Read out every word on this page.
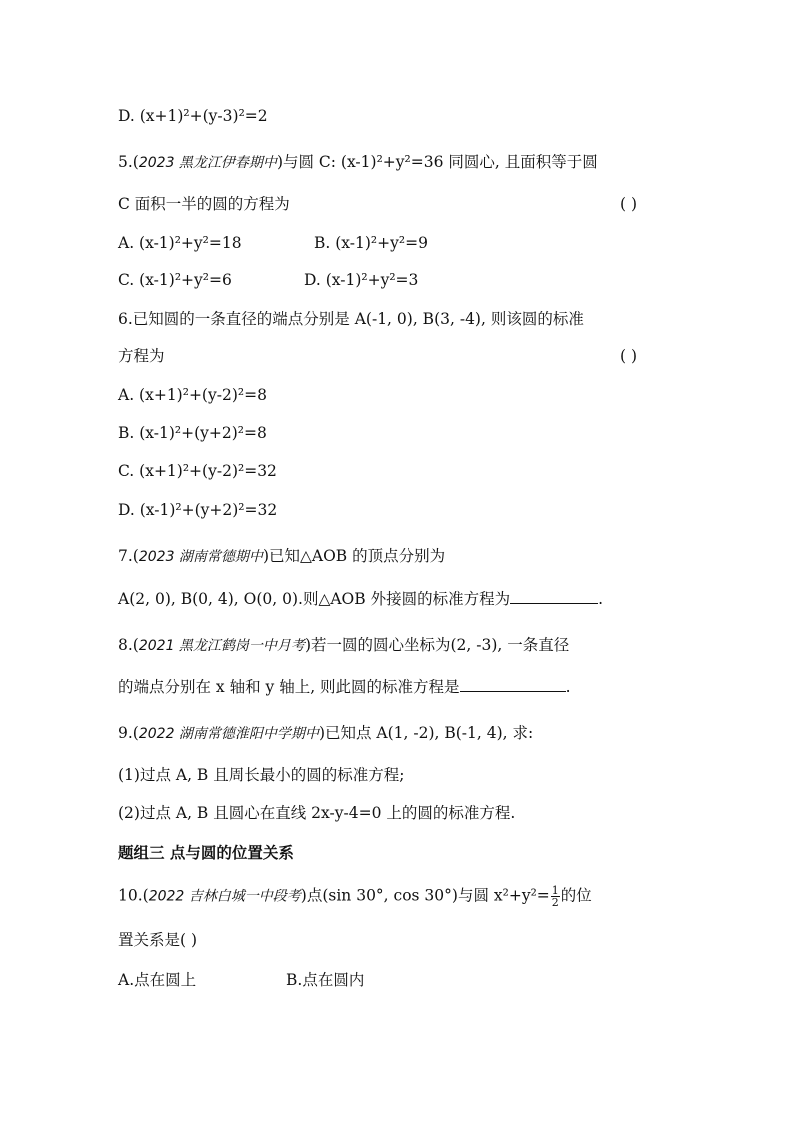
D. (x+1)²+(y-3)²=2
5.(2023 黑龙江伊春期中)与圆 C: (x-1)²+y²=36 同圆心, 且面积等于圆
C 面积一半的圆的方程为	( )
A. (x-1)²+y²=18	B. (x-1)²+y²=9
C. (x-1)²+y²=6	D. (x-1)²+y²=3
6.已知圆的一条直径的端点分别是 A(-1, 0), B(3, -4), 则该圆的标准
方程为	( )
A. (x+1)²+(y-2)²=8
B. (x-1)²+(y+2)²=8
C. (x+1)²+(y-2)²=32
D. (x-1)²+(y+2)²=32
7.(2023 湖南常德期中)已知△AOB 的顶点分别为
A(2, 0), B(0, 4), O(0, 0).则△AOB 外接圆的标准方程为	.
8.(2021 黑龙江鹤岗一中月考)若一圆的圆心坐标为(2, -3), 一条直径
的端点分别在 x 轴和 y 轴上, 则此圆的标准方程是	.
9.(2022 湖南常德淮阳中学期中)已知点 A(1, -2), B(-1, 4), 求:
(1)过点 A, B 且周长最小的圆的标准方程;
(2)过点 A, B 且圆心在直线 2x-y-4=0 上的圆的标准方程.
题组三 点与圆的位置关系
10.(2022 吉林白城一中段考)点(sin 30°, cos 30°)与圆 $x^2+y^2= \frac{1}{2}$ 的位
置关系是( )
A.点在圆上	B.点在圆内
